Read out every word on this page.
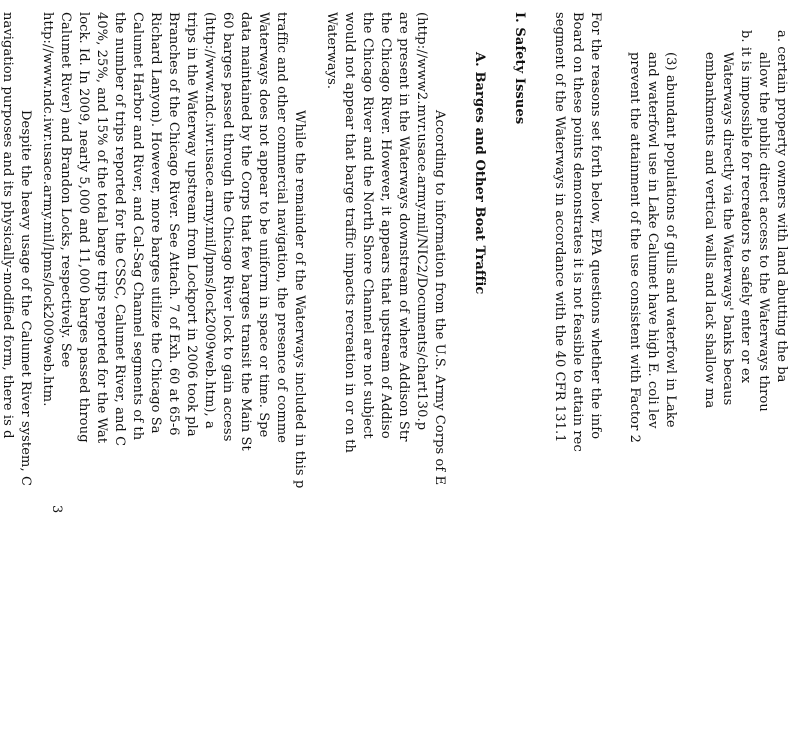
a. certain property owners with land abutting the ba
allow the public direct access to the Waterways throu
b. it is impossible for recreators to safely enter or ex
Waterways directly via the Waterways' banks becaus
embankments and vertical walls and lack shallow ma
(3) abundant populations of gulls and waterfowl in Lake
and waterfowl use in Lake Calumet have high E. coli lev
prevent the attainment of the use consistent with Factor 2
For the reasons set forth below, EPA questions whether the info
Board on these points demonstrates it is not feasible to attain rec
segment of the Waterways in accordance with the 40 CFR 131.1
I. Safety Issues
A. Barges and Other Boat Traffic
According to information from the U.S. Army Corps of E
(http://www2.mvr.usace.army.mil/NIC2/Documents/chart130.p
are present in the Waterways downstream of where Addison Str
the Chicago River. However, it appears that upstream of Addiso
the Chicago River and the North Shore Channel are not subject
would not appear that barge traffic impacts recreation in or on th
Waterways.
While the remainder of the Waterways included in this p
traffic and other commercial navigation, the presence of comme
Waterways does not appear to be uniform in space or time. Spe
data maintained by the Corps that few barges transit the Main St
60 barges passed through the Chicago River lock to gain access
(http://www.ndc.iwr.usace.army.mil/lpms/lock2009web.htm), a
trips in the Waterway upstream from Lockport in 2006 took pla
Branches of the Chicago River. See Attach. 7 of Exh. 60 at 65-6
Richard Lanyon). However, more barges utilize the Chicago Sa
Calumet Harbor and River, and Cal-Sag Channel segments of th
the number of trips reported for the CSSC, Calumet River, and C
40%, 25%, and 15% of the total barge trips reported for the Wat
lock. Id. In 2009, nearly 5,000 and 11,000 barges passed throug
Calumet River) and Brandon Locks, respectively. See
http://www.ndc.iwr.usace.army.mil/lpms/lock2009web.htm.
Despite the heavy usage of the Calumet River system, C
navigation purposes and its physically-modified form, there is d
3
